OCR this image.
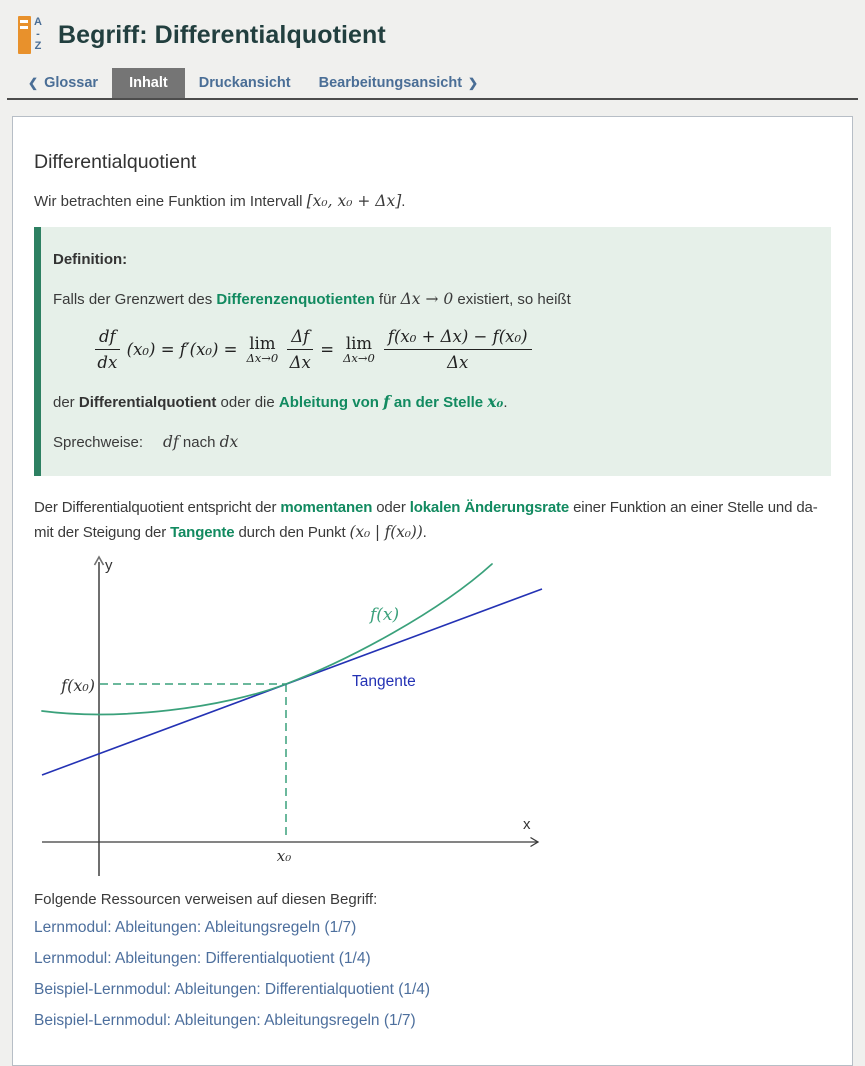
A
-
Z Begriff: Differentialquotient
❮ Glossar	Inhalt	Druckansicht	Bearbeitungsansicht ❯
Differentialquotient

Wir betrachten eine Funktion im Intervall [x₀, x₀ + Δx].

Definition:

Falls der Grenzwert des Differenzenquotienten für Δx → 0 existiert, so heißt

$\frac{df}{dx} (x_0) = f'(x_0) = \lim$
$\Delta x\to 0 \frac{\Delta f}{\Delta x} = \lim$
$\Delta x\to 0 \frac{\text{f(x₀ + Δx) − f(x₀)}}{\Delta x}$

der Differentialquotient oder die Ableitung von f an der Stelle x₀.

Sprechweise: df nach dx

Der Differentialquotient entspricht der momentanen oder lokalen Änderungsrate einer Funktion an einer Stelle und da-
mit der Steigung der Tangente durch den Punkt (x₀ | f(x₀)).

y
x
f(x₀)
f(x)
Tangente
x₀

Folgende Ressourcen verweisen auf diesen Begriff:

Lernmodul: Ableitungen: Ableitungsregeln (1/7)
Lernmodul: Ableitungen: Differentialquotient (1/4)
Beispiel-Lernmodul: Ableitungen: Differentialquotient (1/4)
Beispiel-Lernmodul: Ableitungen: Ableitungsregeln (1/7)
